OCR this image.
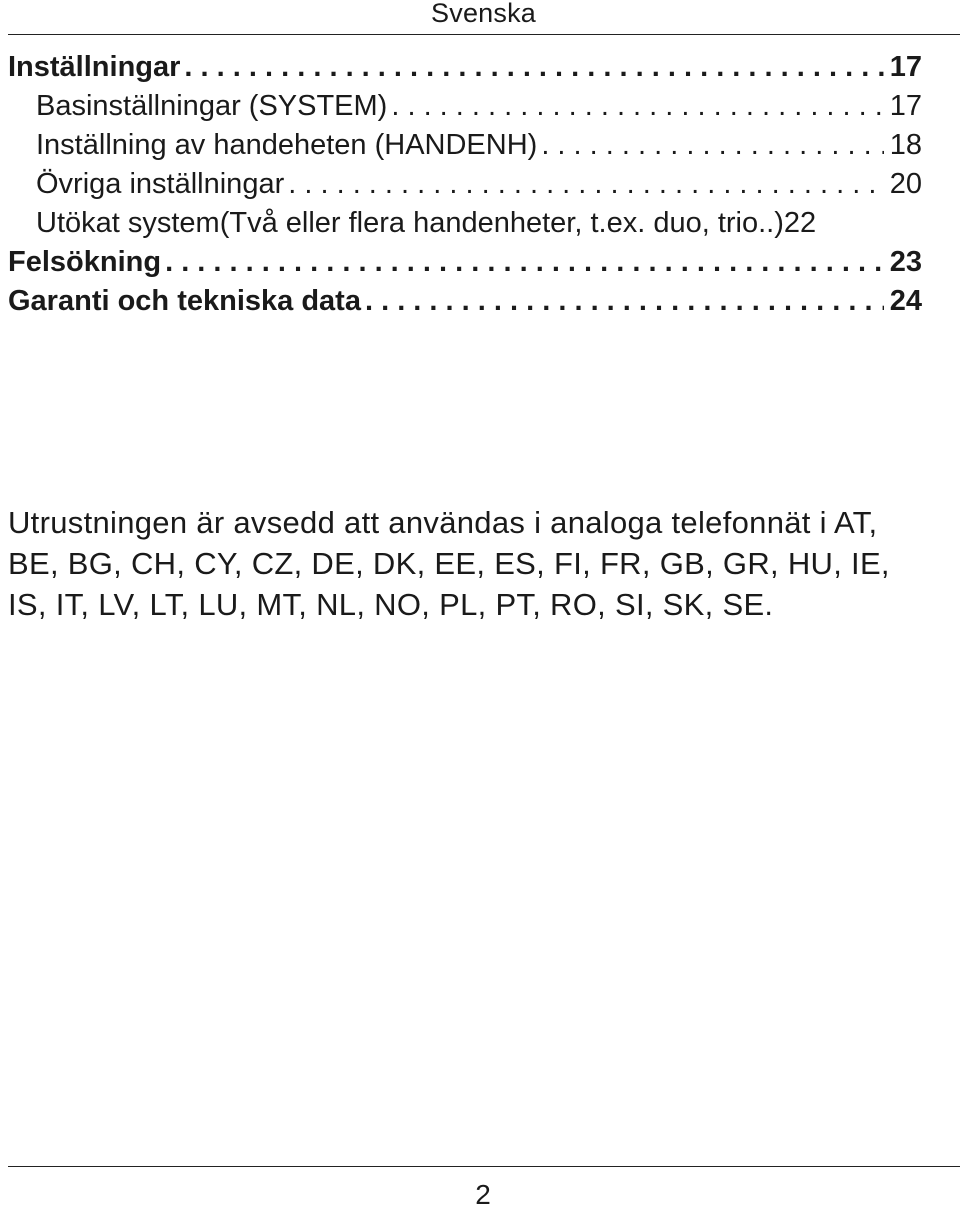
Svenska
Inställningar . . .	17
Basinställningar (SYSTEM) . . .	17
Inställning av handeheten (HANDENH) . . .	18
Övriga inställningar . . .	20
Utökat system(Två eller flera handenheter, t.ex. duo, trio..) 22
Felsökning . . .	23
Garanti och tekniska data . . .	24

Utrustningen är avsedd att användas i analoga telefonnät i AT,

BE, BG, CH, CY, CZ, DE, DK, EE, ES, FI, FR, GB, GR, HU, IE,

IS, IT, LV, LT, LU, MT, NL, NO, PL, PT, RO, SI, SK, SE.

2
